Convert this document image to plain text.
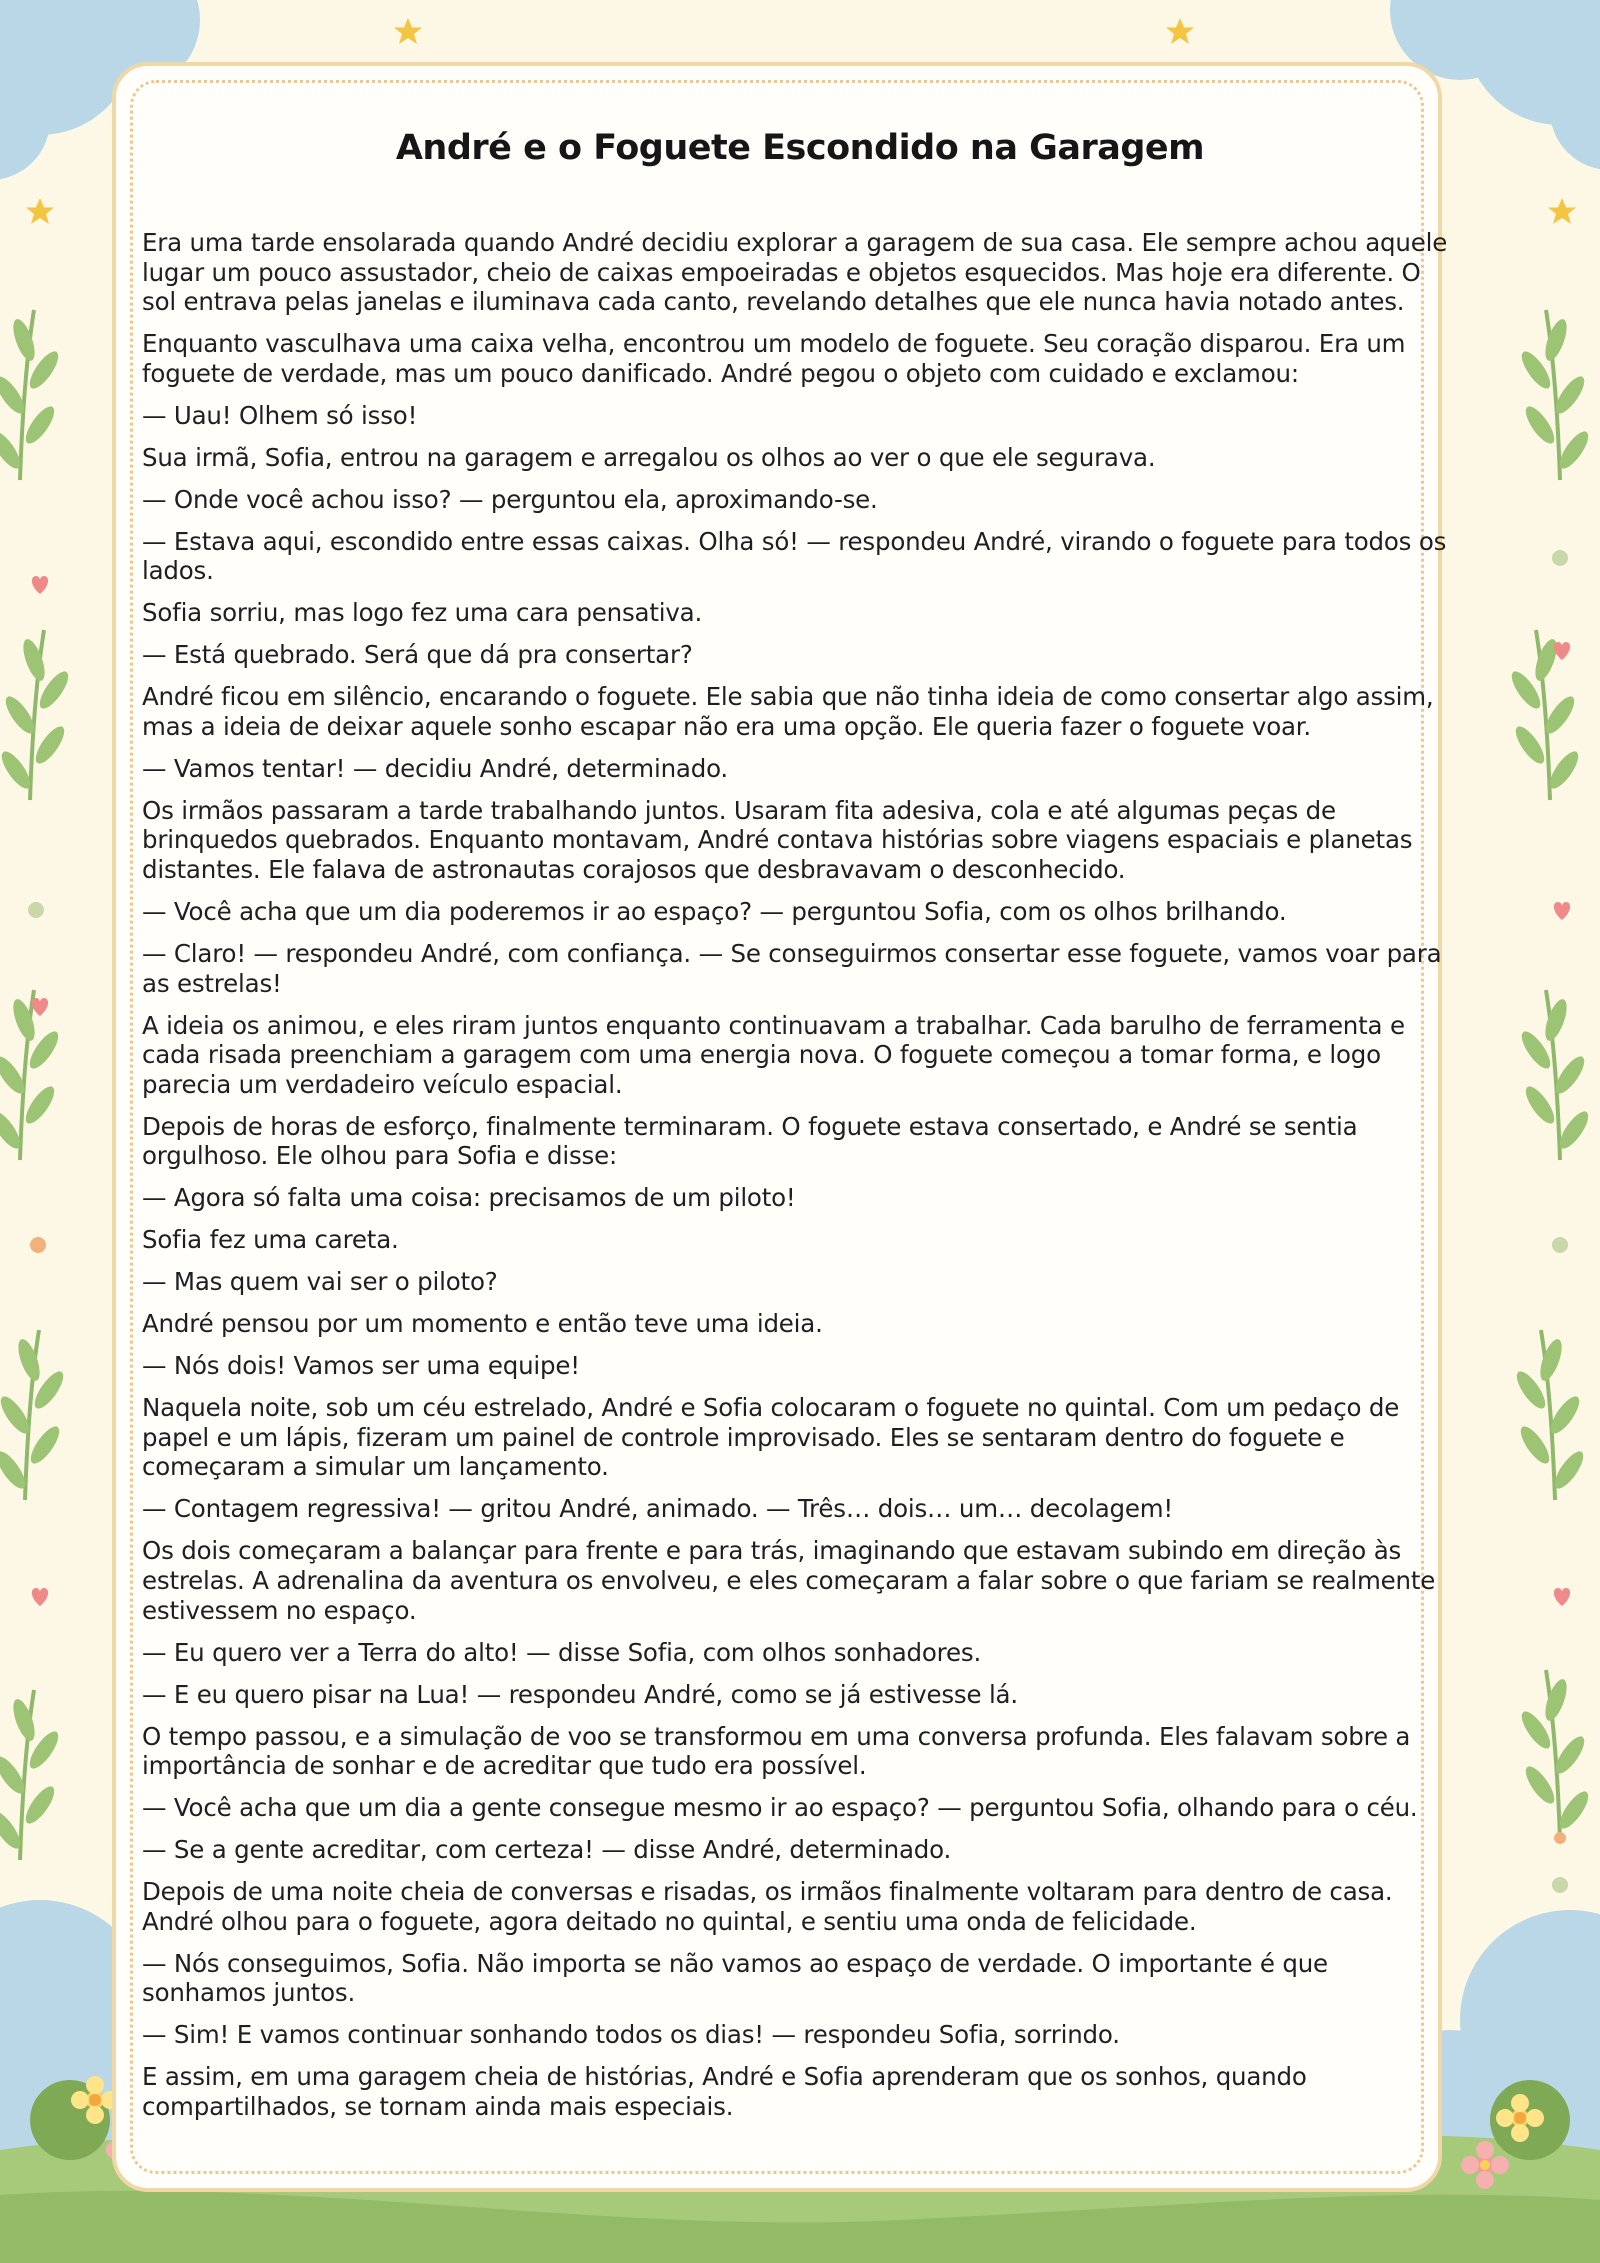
André e o Foguete Escondido na Garagem

Era uma tarde ensolarada quando André decidiu explorar a garagem de sua casa. Ele sempre achou aquele lugar um pouco assustador, cheio de caixas empoeiradas e objetos esquecidos. Mas hoje era diferente. O sol entrava pelas janelas e iluminava cada canto, revelando detalhes que ele nunca havia notado antes.

Enquanto vasculhava uma caixa velha, encontrou um modelo de foguete. Seu coração disparou. Era um foguete de verdade, mas um pouco danificado. André pegou o objeto com cuidado e exclamou:

— Uau! Olhem só isso!

Sua irmã, Sofia, entrou na garagem e arregalou os olhos ao ver o que ele segurava.

— Onde você achou isso? — perguntou ela, aproximando-se.

— Estava aqui, escondido entre essas caixas. Olha só! — respondeu André, virando o foguete para todos os lados.

Sofia sorriu, mas logo fez uma cara pensativa.

— Está quebrado. Será que dá pra consertar?

André ficou em silêncio, encarando o foguete. Ele sabia que não tinha ideia de como consertar algo assim, mas a ideia de deixar aquele sonho escapar não era uma opção. Ele queria fazer o foguete voar.

— Vamos tentar! — decidiu André, determinado.

Os irmãos passaram a tarde trabalhando juntos. Usaram fita adesiva, cola e até algumas peças de brinquedos quebrados. Enquanto montavam, André contava histórias sobre viagens espaciais e planetas distantes. Ele falava de astronautas corajosos que desbravavam o desconhecido.

— Você acha que um dia poderemos ir ao espaço? — perguntou Sofia, com os olhos brilhando.

— Claro! — respondeu André, com confiança. — Se conseguirmos consertar esse foguete, vamos voar para as estrelas!

A ideia os animou, e eles riram juntos enquanto continuavam a trabalhar. Cada barulho de ferramenta e cada risada preenchiam a garagem com uma energia nova. O foguete começou a tomar forma, e logo parecia um verdadeiro veículo espacial.

Depois de horas de esforço, finalmente terminaram. O foguete estava consertado, e André se sentia orgulhoso. Ele olhou para Sofia e disse:

— Agora só falta uma coisa: precisamos de um piloto!

Sofia fez uma careta.

— Mas quem vai ser o piloto?

André pensou por um momento e então teve uma ideia.

— Nós dois! Vamos ser uma equipe!

Naquela noite, sob um céu estrelado, André e Sofia colocaram o foguete no quintal. Com um pedaço de papel e um lápis, fizeram um painel de controle improvisado. Eles se sentaram dentro do foguete e começaram a simular um lançamento.

— Contagem regressiva! — gritou André, animado. — Três… dois… um… decolagem!

Os dois começaram a balançar para frente e para trás, imaginando que estavam subindo em direção às estrelas. A adrenalina da aventura os envolveu, e eles começaram a falar sobre o que fariam se realmente estivessem no espaço.

— Eu quero ver a Terra do alto! — disse Sofia, com olhos sonhadores.

— E eu quero pisar na Lua! — respondeu André, como se já estivesse lá.

O tempo passou, e a simulação de voo se transformou em uma conversa profunda. Eles falavam sobre a importância de sonhar e de acreditar que tudo era possível.

— Você acha que um dia a gente consegue mesmo ir ao espaço? — perguntou Sofia, olhando para o céu.

— Se a gente acreditar, com certeza! — disse André, determinado.

Depois de uma noite cheia de conversas e risadas, os irmãos finalmente voltaram para dentro de casa. André olhou para o foguete, agora deitado no quintal, e sentiu uma onda de felicidade.

— Nós conseguimos, Sofia. Não importa se não vamos ao espaço de verdade. O importante é que sonhamos juntos.

— Sim! E vamos continuar sonhando todos os dias! — respondeu Sofia, sorrindo.

E assim, em uma garagem cheia de histórias, André e Sofia aprenderam que os sonhos, quando compartilhados, se tornam ainda mais especiais.
